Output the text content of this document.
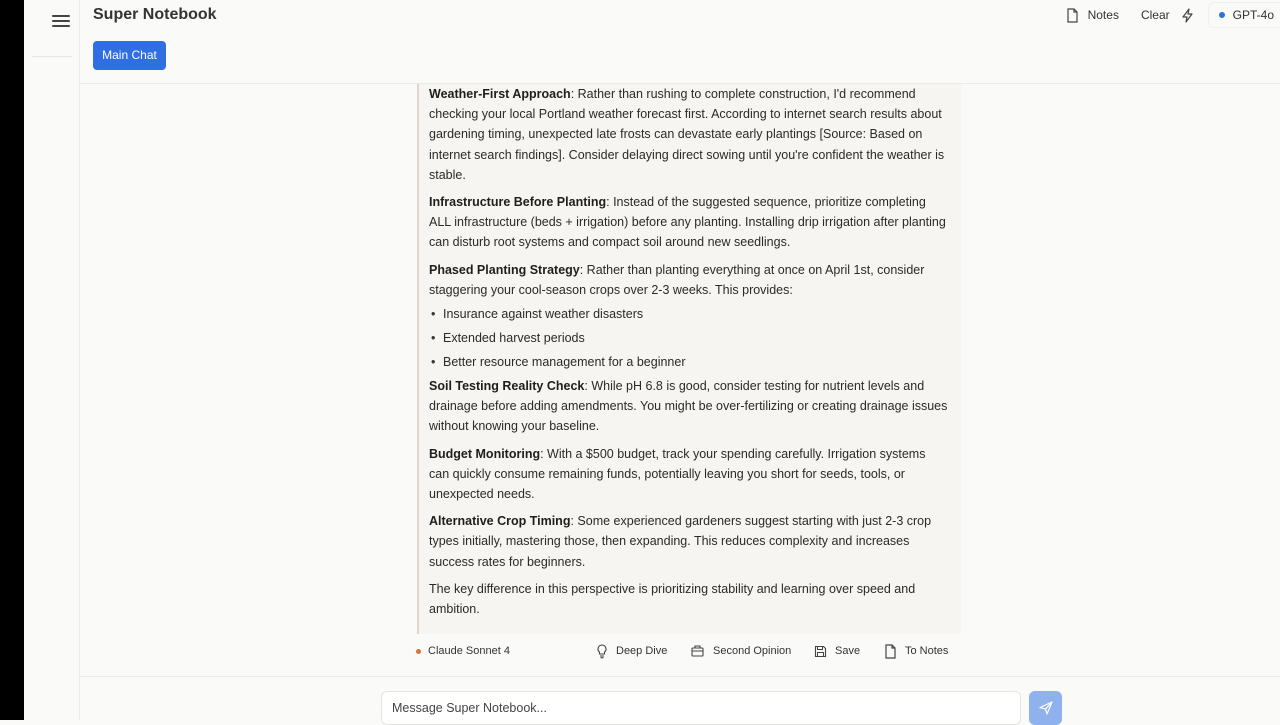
Super Notebook
Main Chat
Notes Clear	GPT-4o

Weather-First Approach: Rather than rushing to complete construction, I'd recommend checking your local Portland weather forecast first. According to internet search results about gardening timing, unexpected late frosts can devastate early plantings [Source: Based on internet search findings]. Consider delaying direct sowing until you're confident the weather is stable.

Infrastructure Before Planting: Instead of the suggested sequence, prioritize completing ALL infrastructure (beds + irrigation) before any planting. Installing drip irrigation after planting can disturb root systems and compact soil around new seedlings.

Phased Planting Strategy: Rather than planting everything at once on April 1st, consider staggering your cool-season crops over 2-3 weeks. This provides:

• Insurance against weather disasters
• Extended harvest periods
• Better resource management for a beginner

Soil Testing Reality Check: While pH 6.8 is good, consider testing for nutrient levels and drainage before adding amendments. You might be over-fertilizing or creating drainage issues without knowing your baseline.

Budget Monitoring: With a $500 budget, track your spending carefully. Irrigation systems can quickly consume remaining funds, potentially leaving you short for seeds, tools, or unexpected needs.

Alternative Crop Timing: Some experienced gardeners suggest starting with just 2-3 crop types initially, mastering those, then expanding. This reduces complexity and increases success rates for beginners.

The key difference in this perspective is prioritizing stability and learning over speed and ambition.

Claude Sonnet 4	Deep Dive	Second Opinion	Save	To Notes
Message Super Notebook...
